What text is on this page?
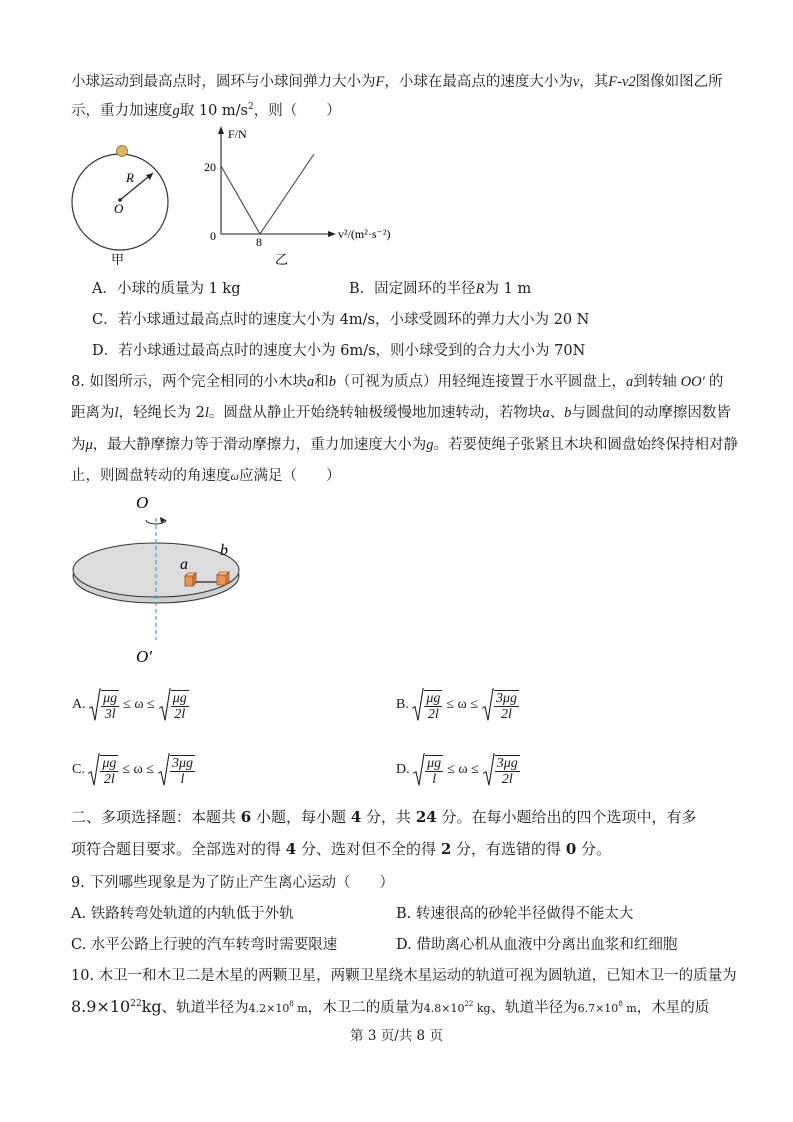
小球运动到最高点时，圆环与小球间弹力大小为F，小球在最高点的速度大小为v，其F-v2图像如图乙所
示，重力加速度g取 10 $m/s^2$，则（　　）
R
O
甲
F/N
20
0	8
v²/(m²·s⁻²)
乙
A．小球的质量为 1 kg	B．固定圆环的半径R为 1 m
C．若小球通过最高点时的速度大小为 4m/s，小球受圆环的弹力大小为 20 N
D．若小球通过最高点时的速度大小为 6m/s，则小球受到的合力大小为 70N
8. 如图所示，两个完全相同的小木块a和b（可视为质点）用轻绳连接置于水平圆盘上，a到转轴 OO′ 的
距离为l，轻绳长为 2l。圆盘从静止开始绕转轴极缓慢地加速转动，若物块a、b与圆盘间的动摩擦因数皆
为μ，最大静摩擦力等于滑动摩擦力，重力加速度大小为g。若要使绳子张紧且木块和圆盘始终保持相对静
止，则圆盘转动的角速度ω应满足（　　）
O
O′
a
b
A. $\frac{\mu g}{3l} \le \omega \le \frac{\mu g}{2l}$	B. $\frac{\mu g}{2l} \le \omega \le \frac{3\mu g}{2l}$
C. $\frac{\mu g}{2l} \le \omega \le \frac{3\mu g}{l}$	D. $\frac{\mu g}{l} \le \omega \le \frac{3\mu g}{2l}$
二、多项选择题：本题共 6 小题，每小题 4 分，共 24 分。在每小题给出的四个选项中，有多
项符合题目要求。全部选对的得 4 分、选对但不全的得 2 分，有选错的得 0 分。
9. 下列哪些现象是为了防止产生离心运动（　　）
A. 铁路转弯处轨道的内轨低于外轨	B. 转速很高的砂轮半径做得不能太大
C. 水平公路上行驶的汽车转弯时需要限速	D. 借助离心机从血液中分离出血浆和红细胞
10. 木卫一和木卫二是木星的两颗卫星，两颗卫星绕木星运动的轨道可视为圆轨道，已知木卫一的质量为
$8.9\times 10^{22}kg$、轨道半径为$4.2\times 10^8$ m，木卫二的质量为$4.8\times 10^{22}$ kg、轨道半径为$6.7\times 10^8$ m，木星的质
第 3 页/共 8 页
